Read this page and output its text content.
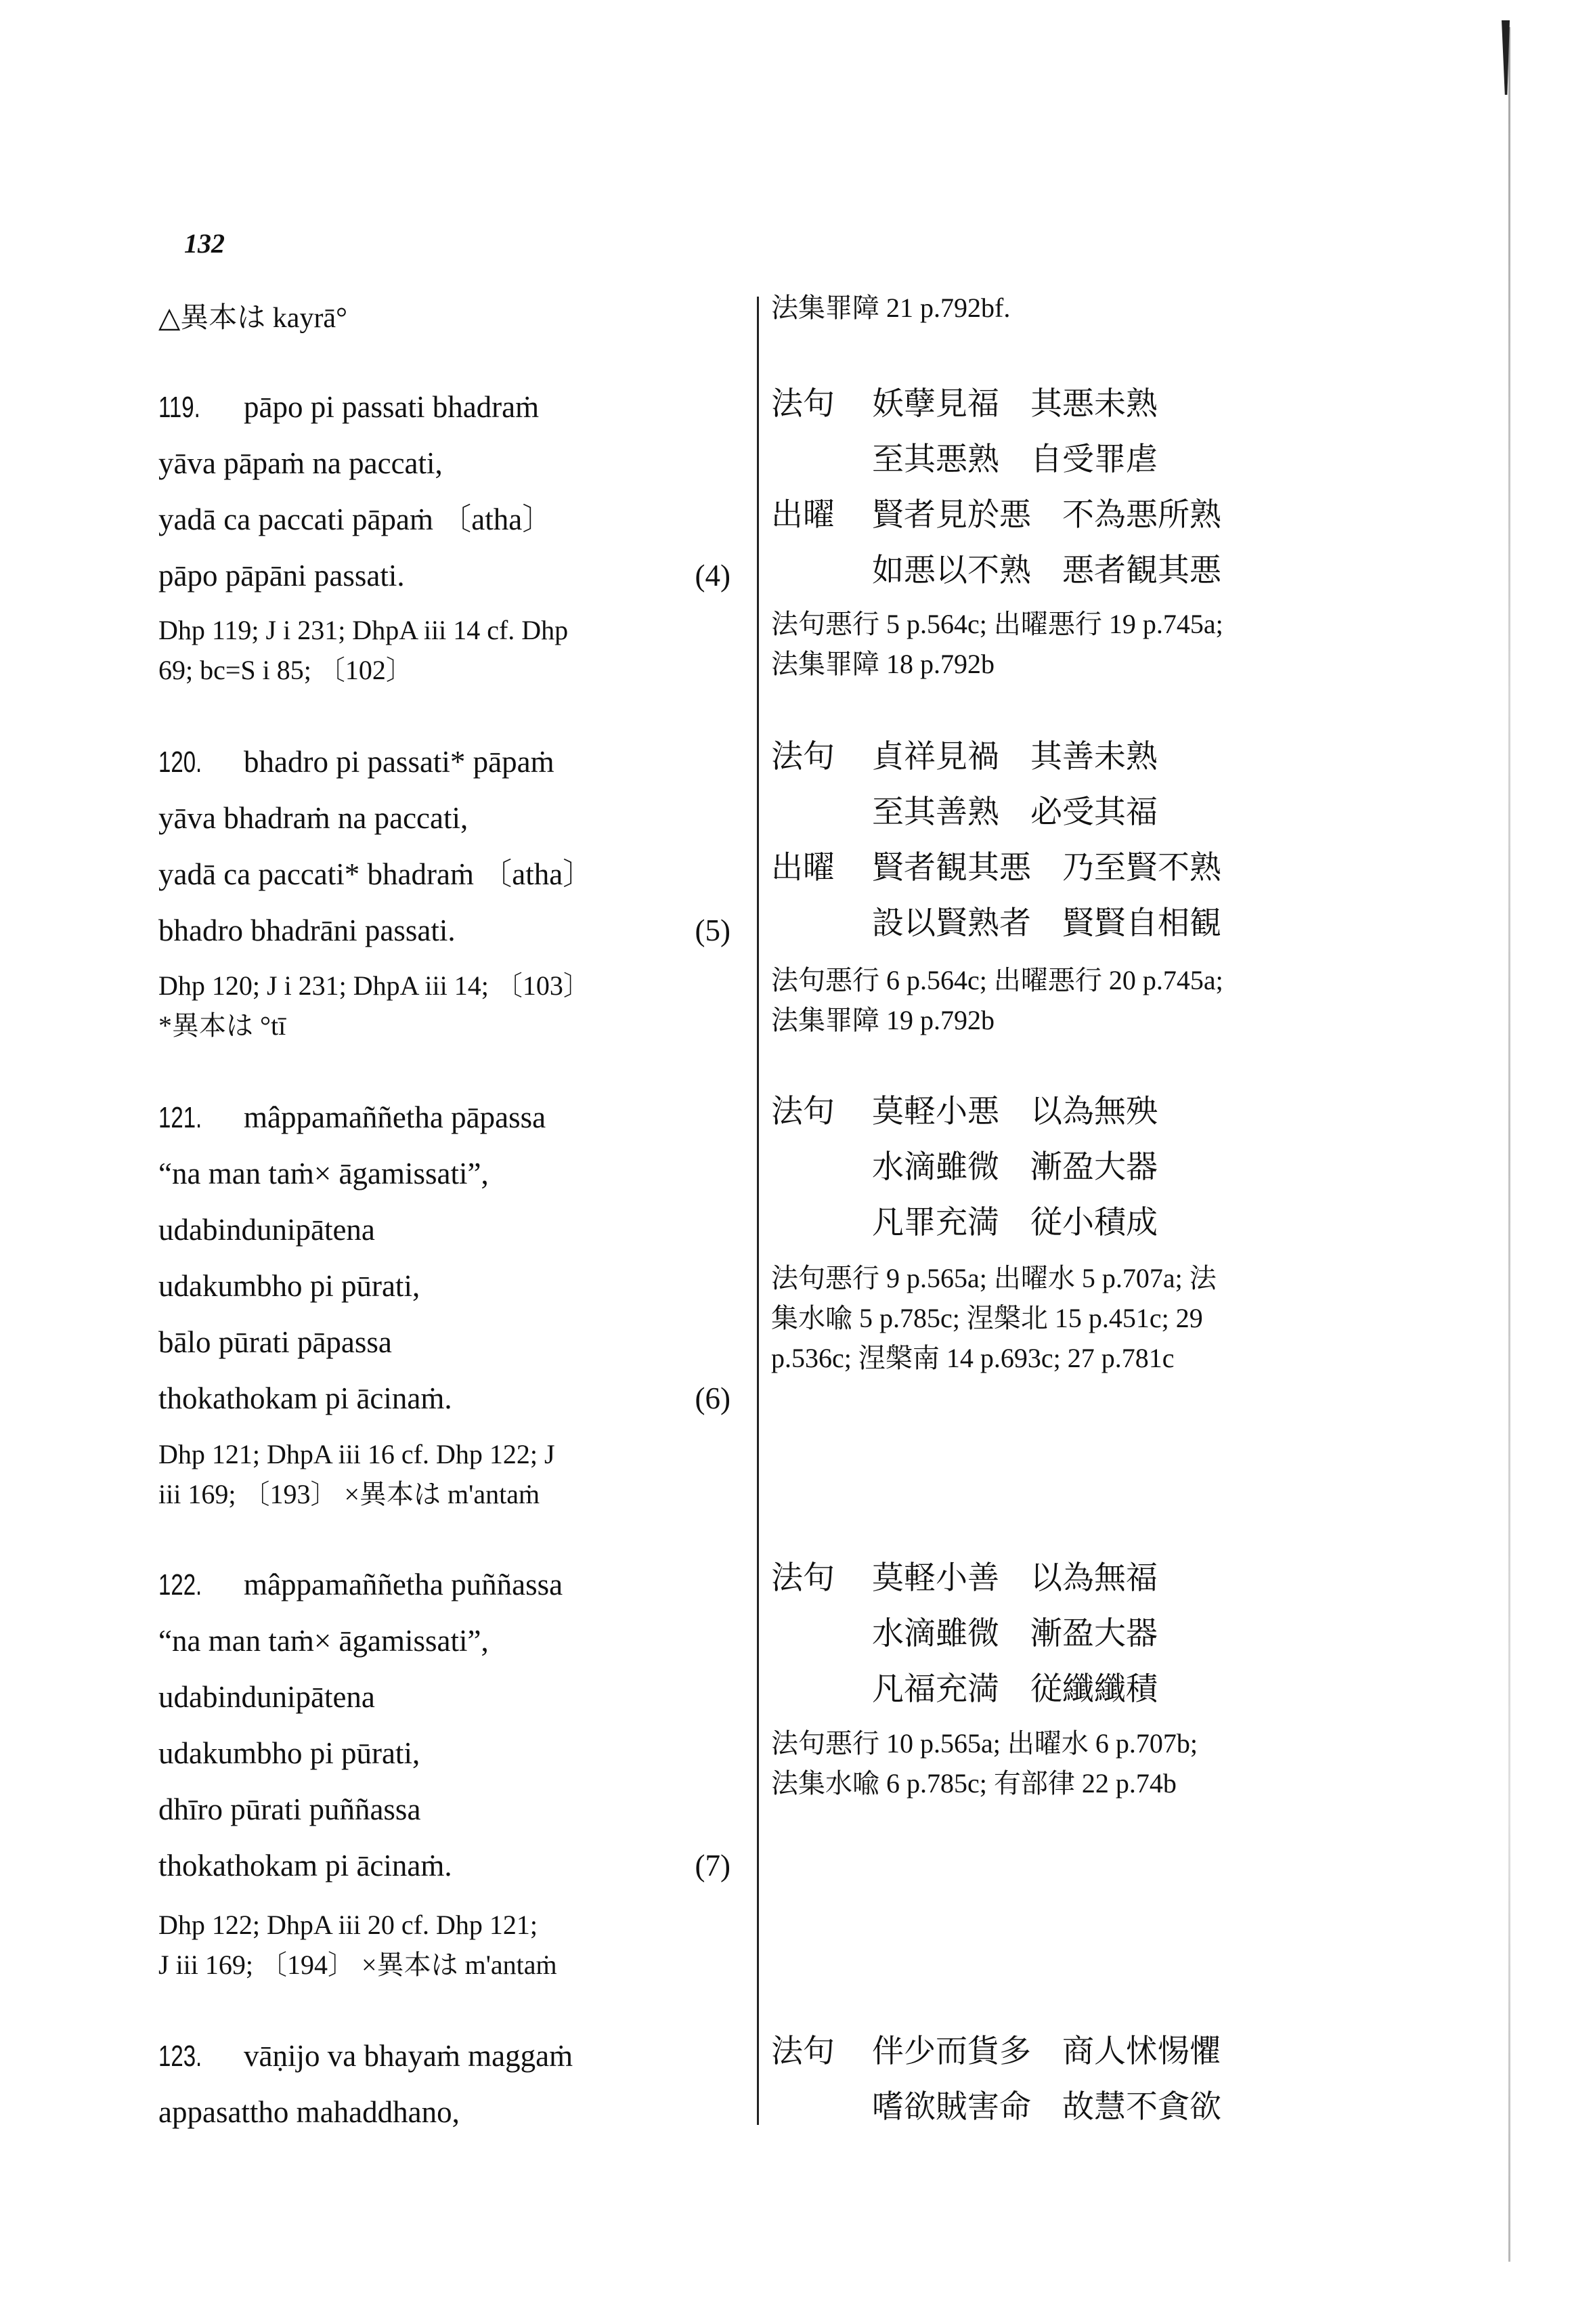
132
△異本は kayrā°	法集罪障 21 p.792bf.
119. pāpo pi passati bhadraṁ
yāva pāpaṁ na paccati,
yadā ca paccati pāpaṁ 〔atha〕
pāpo pāpāni passati.	(4)
Dhp 119; J i 231; DhpA iii 14 cf. Dhp
69; bc=S i 85; 〔102〕
120. bhadro pi passati* pāpaṁ
yāva bhadraṁ na paccati,
yadā ca paccati* bhadraṁ 〔atha〕
bhadro bhadrāni passati.	(5)
Dhp 120; J i 231; DhpA iii 14; 〔103〕
*異本は °tī
121. mâppamaññetha pāpassa
“na man taṁ× āgamissati”,
udabindunipātena
udakumbho pi pūrati,
bālo pūrati pāpassa
thokathokam pi ācinaṁ.	(6)
Dhp 121; DhpA iii 16 cf. Dhp 122; J
iii 169; 〔193〕 ×異本は m'antaṁ
122. mâppamaññetha puññassa
“na man taṁ× āgamissati”,
udabindunipātena
udakumbho pi pūrati,
dhīro pūrati puññassa
thokathokam pi ācinaṁ.	(7)
Dhp 122; DhpA iii 20 cf. Dhp 121;
J iii 169; 〔194〕 ×異本は m'antaṁ
123. vāṇijo va bhayaṁ maggaṁ
appasattho mahaddhano,
法句 妖孽見福 其悪未熟
至其悪熟 自受罪虐
出曜 賢者見於悪 不為悪所熟
如悪以不熟 悪者観其悪
法句悪行 5 p.564c; 出曜悪行 19 p.745a;
法集罪障 18 p.792b
法句 貞祥見禍 其善未熟
至其善熟 必受其福
出曜 賢者観其悪 乃至賢不熟
設以賢熟者 賢賢自相観
法句悪行 6 p.564c; 出曜悪行 20 p.745a;
法集罪障 19 p.792b
法句 莫軽小悪 以為無殃
水滴雖微 漸盈大器
凡罪充満 従小積成
法句悪行 9 p.565a; 出曜水 5 p.707a; 法
集水喩 5 p.785c; 涅槃北 15 p.451c; 29
p.536c; 涅槃南 14 p.693c; 27 p.781c
法句 莫軽小善 以為無福
水滴雖微 漸盈大器
凡福充満 従纖纖積
法句悪行 10 p.565a; 出曜水 6 p.707b;
法集水喩 6 p.785c; 有部律 22 p.74b
法句 伴少而貨多 商人怵惕懼
嗜欲賊害命 故慧不貪欲
